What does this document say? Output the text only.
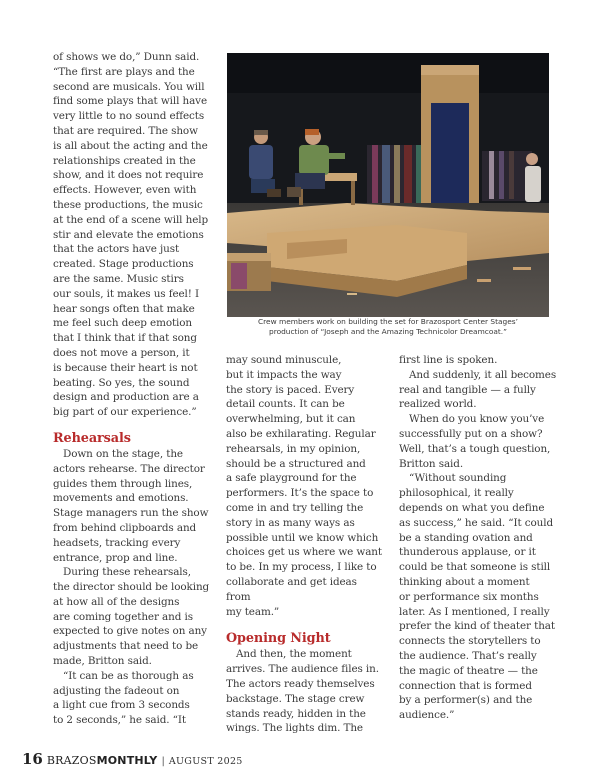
of shows we do,” Dunn said.
“The first are plays and the
second are musicals. You will
find some plays that will have
very little to no sound effects
that are required. The show
is all about the acting and the
relationships created in the
show, and it does not require
effects. However, even with
these productions, the music
at the end of a scene will help
stir and elevate the emotions
that the actors have just
created. Stage productions
are the same. Music stirs
our souls, it makes us feel! I
hear songs often that make
me feel such deep emotion
that I think that if that song
does not move a person, it
is because their heart is not
beating. So yes, the sound
design and production are a
big part of our experience.”

Rehearsals

Down on the stage, the
actors rehearse. The director
guides them through lines,
movements and emotions.
Stage managers run the show
from behind clipboards and
headsets, tracking every
entrance, prop and line.

During these rehearsals,
the director should be looking
at how all of the designs
are coming together and is
expected to give notes on any
adjustments that need to be
made, Britton said.

“It can be as thorough as
adjusting the fadeout on
a light cue from 3 seconds
to 2 seconds,” he said. “It

Crew members work on building the set for Brazosport Center Stages’
production of “Joseph and the Amazing Technicolor Dreamcoat.”

may sound minuscule,
but it impacts the way
the story is paced. Every
detail counts. It can be
overwhelming, but it can
also be exhilarating. Regular
rehearsals, in my opinion,
should be a structured and
a safe playground for the
performers. It’s the space to
come in and try telling the
story in as many ways as
possible until we know which
choices get us where we want
to be. In my process, I like to
collaborate and get ideas from
my team.”

Opening Night

And then, the moment
arrives. The audience files in.
The actors ready themselves
backstage. The stage crew
stands ready, hidden in the
wings. The lights dim. The

first line is spoken.

And suddenly, it all becomes
real and tangible — a fully
realized world.

When do you know you’ve
successfully put on a show?
Well, that’s a tough question,
Britton said.

“Without sounding
philosophical, it really
depends on what you define
as success,” he said. “It could
be a standing ovation and
thunderous applause, or it
could be that someone is still
thinking about a moment
or performance six months
later. As I mentioned, I really
prefer the kind of theater that
connects the storytellers to
the audience. That’s really
the magic of theatre — the
connection that is formed
by a performer(s) and the
audience.”

16 BRAZOS MONTHLY | AUGUST 2025
